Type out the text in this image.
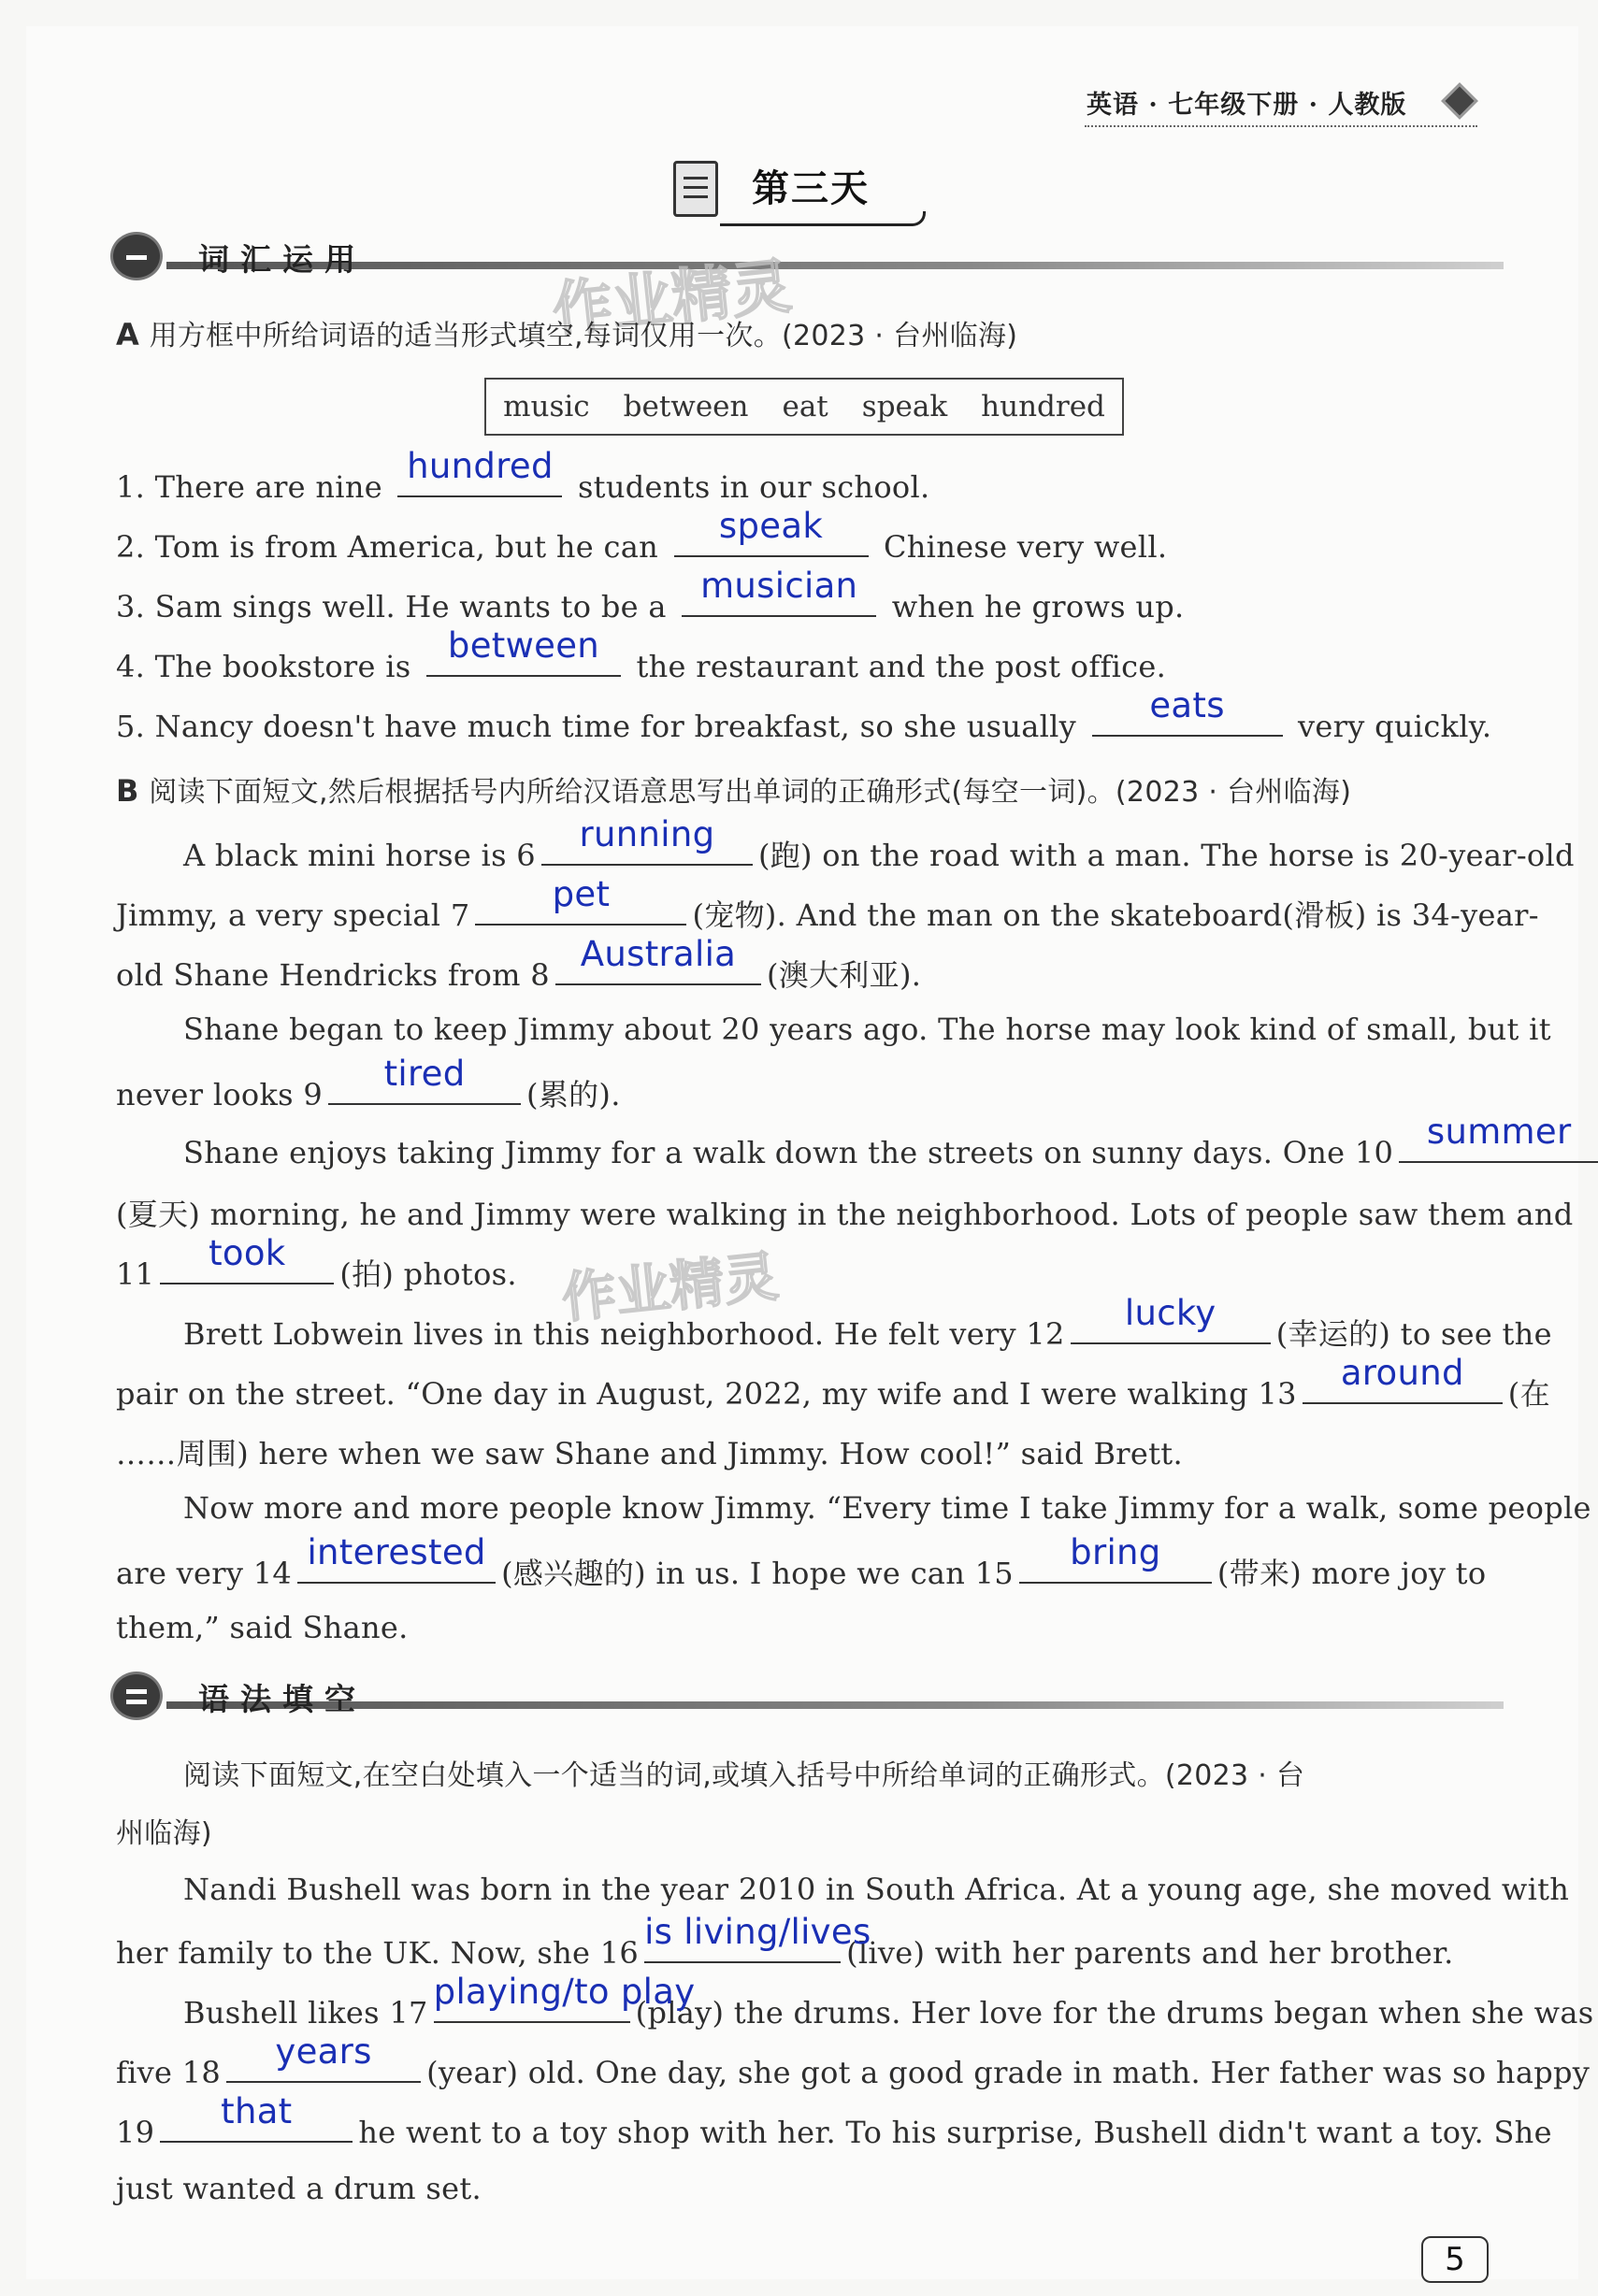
英语 · 七年级下册 · 人教版
第三天
词汇运用	作业精灵
A 用方框中所给词语的适当形式填空,每词仅用一次。(2023 · 台州临海)
music between eat speak hundred
1. There are nine
hundred
students in our school.
2. Tom is from America, but he can
speak
Chinese very well.
3. Sam sings well. He wants to be a
musician
when he grows up.
4. The bookstore is
between
the restaurant and the post office.
5. Nancy doesn't have much time for breakfast, so she usually
eats
very quickly.
B 阅读下面短文,然后根据括号内所给汉语意思写出单词的正确形式(每空一词)。(2023 · 台州临海)
A black mini horse is 6
running
(跑) on the road with a man. The horse is 20-year-old
Jimmy, a very special 7
pet
(宠物). And the man on the skateboard(滑板) is 34-year-
old Shane Hendricks from 8
Australia
(澳大利亚).
Shane began to keep Jimmy about 20 years ago. The horse may look kind of small, but it
never looks 9
tired
(累的).
Shane enjoys taking Jimmy for a walk down the streets on sunny days. One 10
summer
(夏天) morning, he and Jimmy were walking in the neighborhood. Lots of people saw them and
11
took
(拍) photos. 作业精灵
Brett Lobwein lives in this neighborhood. He felt very 12
lucky
(幸运的) to see the
pair on the street. “One day in August, 2022, my wife and I were walking 13
around
(在
……周围) here when we saw Shane and Jimmy. How cool!” said Brett.
Now more and more people know Jimmy. “Every time I take Jimmy for a walk, some people
are very 14
interested
(感兴趣的) in us. I hope we can 15
bring
(带来) more joy to
them,” said Shane.
语法填空
阅读下面短文,在空白处填入一个适当的词,或填入括号中所给单词的正确形式。(2023 · 台
州临海)
Nandi Bushell was born in the year 2010 in South Africa. At a young age, she moved with
her family to the UK. Now, she 16
is living/lives
(live) with her parents and her brother.
Bushell likes 17
playing/to play
(play) the drums. Her love for the drums began when she was
five 18
years
(year) old. One day, she got a good grade in math. Her father was so happy
19
that
he went to a toy shop with her. To his surprise, Bushell didn't want a toy. She
just wanted a drum set.
5
